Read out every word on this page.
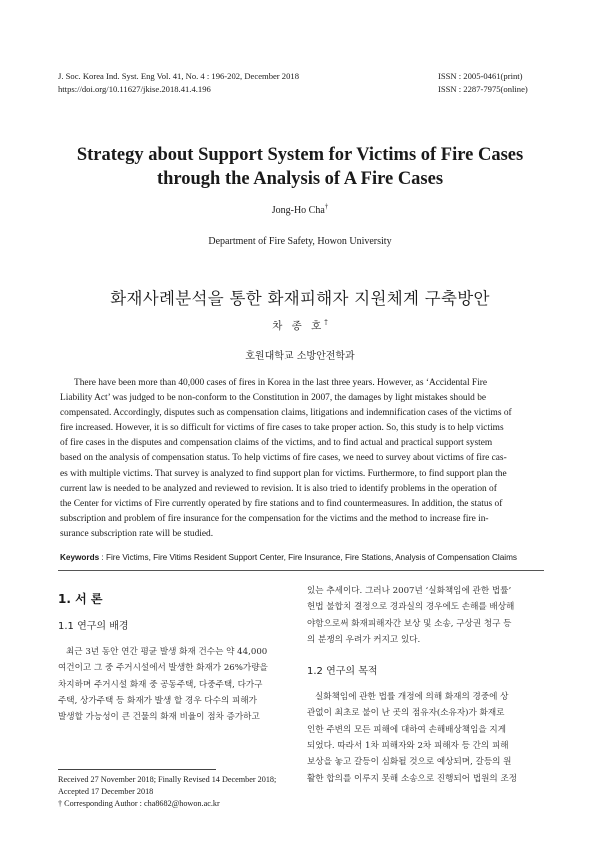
J. Soc. Korea Ind. Syst. Eng Vol. 41, No. 4 : 196-202, December 2018
https://doi.org/10.11627/jkise.2018.41.4.196
ISSN : 2005-0461(print)
ISSN : 2287-7975(online)
Strategy about Support System for Victims of Fire Cases
through the Analysis of A Fire Cases
Jong-Ho Cha†
Department of Fire Safety, Howon University
화재사례분석을 통한 화재피해자 지원체계 구축방안
차 종 호†
호원대학교 소방안전학과
There have been more than 40,000 cases of fires in Korea in the last three years. However, as ‘Accidental Fire
Liability Act’ was judged to be non-conform to the Constitution in 2007, the damages by light mistakes should be
compensated. Accordingly, disputes such as compensation claims, litigations and indemnification cases of the victims of
fire increased. However, it is so difficult for victims of fire cases to take proper action. So, this study is to help victims
of fire cases in the disputes and compensation claims of the victims, and to find actual and practical support system
based on the analysis of compensation status. To help victims of fire cases, we need to survey about victims of fire cas-
es with multiple victims. That survey is analyzed to find support plan for victims. Furthermore, to find support plan the
current law is needed to be analyzed and reviewed to revision. It is also tried to identify problems in the operation of
the Center for victims of Fire currently operated by fire stations and to find countermeasures. In addition, the status of
subscription and problem of fire insurance for the compensation for the victims and the method to increase fire in-
surance subscription rate will be studied.
Keywords : Fire Victims, Fire Vitims Resident Support Center, Fire Insurance, Fire Stations, Analysis of Compensation Claims
1. 서 론
1.1 연구의 배경
최근 3년 동안 연간 평균 발생 화재 건수는 약 44,000
여건이고 그 중 주거시설에서 발생한 화재가 26%가량을
차지하며 주거시설 화재 중 공동주택, 다중주택, 다가구
주택, 상가주택 등 화재가 발생 할 경우 다수의 피해가
발생할 가능성이 큰 건물의 화재 비율이 점차 증가하고
있는 추세이다. 그러나 2007년 ‘실화책임에 관한 법률’
헌법 불합치 결정으로 경과실의 경우에도 손해를 배상해
야함으로써 화재피해자간 보상 및 소송, 구상권 청구 등
의 분쟁의 우려가 커지고 있다.
1.2 연구의 목적
실화책임에 관한 법률 개정에 의해 화재의 경중에 상
관없이 최초로 불이 난 곳의 점유자(소유자)가 화재로
인한 주변의 모든 피해에 대하여 손해배상책임을 지게
되었다. 따라서 1차 피해자와 2차 피해자 등 간의 피해
보상을 놓고 갈등이 심화될 것으로 예상되며, 갈등의 원
활한 합의를 이루지 못해 소송으로 진행되어 법원의 조정
Received 27 November 2018; Finally Revised 14 December 2018;
Accepted 17 December 2018
† Corresponding Author : cha8682@howon.ac.kr
